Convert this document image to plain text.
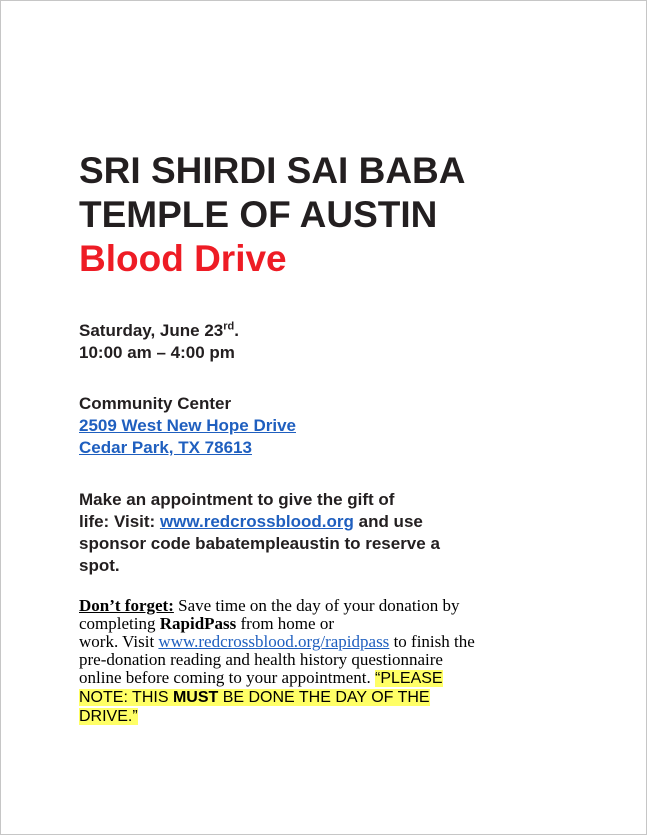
SRI SHIRDI SAI BABA
TEMPLE OF AUSTIN
Blood Drive
Saturday, June 23rd.
10:00 am – 4:00 pm
Community Center
2509 West New Hope Drive
Cedar Park, TX 78613
Make an appointment to give the gift of
life: Visit: www.redcrossblood.org and use
sponsor code babatempleaustin to reserve a
spot.
Don’t forget: Save time on the day of your donation by
completing RapidPass from home or
work. Visit www.redcrossblood.org/rapidpass to finish the
pre-donation reading and health history questionnaire
online before coming to your appointment. “PLEASE
NOTE: THIS MUST BE DONE THE DAY OF THE
DRIVE.”
